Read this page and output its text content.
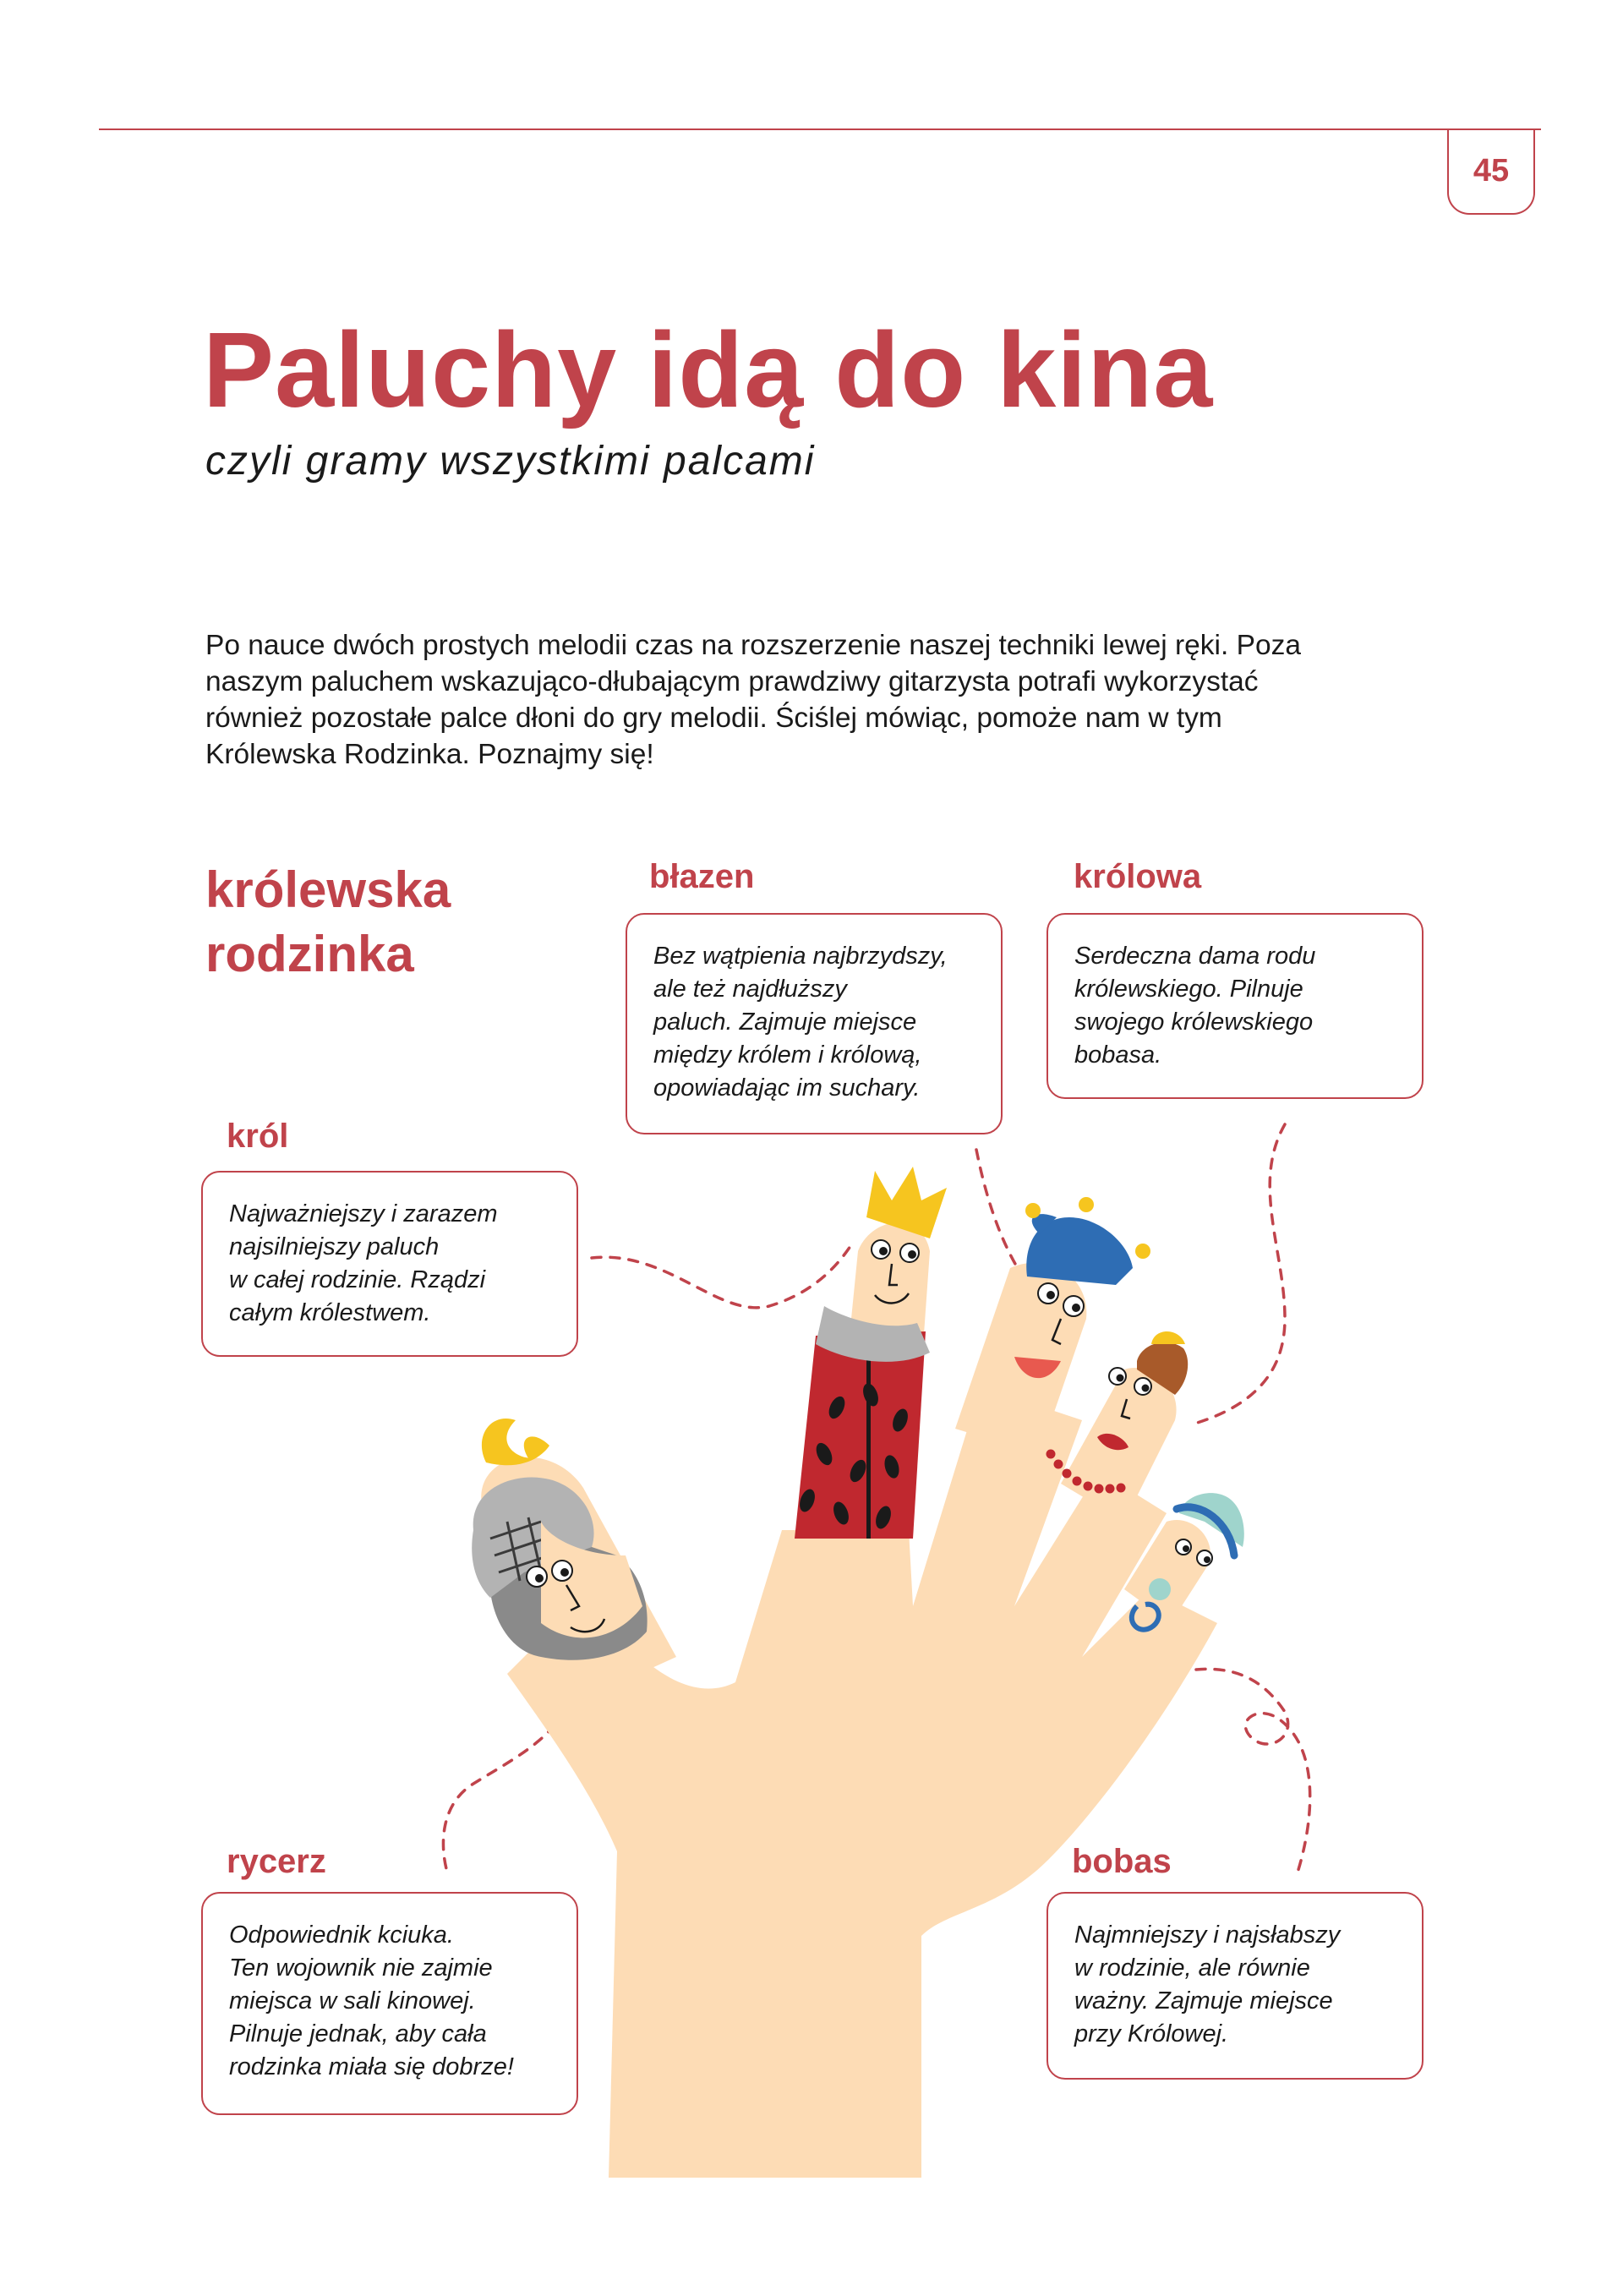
45
Paluchy idą do kina

czyli gramy wszystkimi palcami

Po nauce dwóch prostych melodii czas na rozszerzenie naszej techniki lewej ręki. Poza
naszym paluchem wskazująco-dłubającym prawdziwy gitarzysta potrafi wykorzystać
również pozostałe palce dłoni do gry melodii. Ściślej mówiąc, pomoże nam w tym
Królewska Rodzinka. Poznajmy się!
królewska
rodzinka
błazen

Bez wątpienia najbrzydszy,

ale też najdłuższy

paluch. Zajmuje miejsce

między królem i królową,

opowiadając im suchary.

królowa

Serdeczna dama rodu

królewskiego. Pilnuje

swojego królewskiego

bobasa.

król

Najważniejszy i zarazem

najsilniejszy paluch

w całej rodzinie. Rządzi

całym królestwem.

rycerz

Odpowiednik kciuka.

Ten wojownik nie zajmie

miejsca w sali kinowej.

Pilnuje jednak, aby cała

rodzinka miała się dobrze!

bobas

Najmniejszy i najsłabszy

w rodzinie, ale równie

ważny. Zajmuje miejsce

przy Królowej.
